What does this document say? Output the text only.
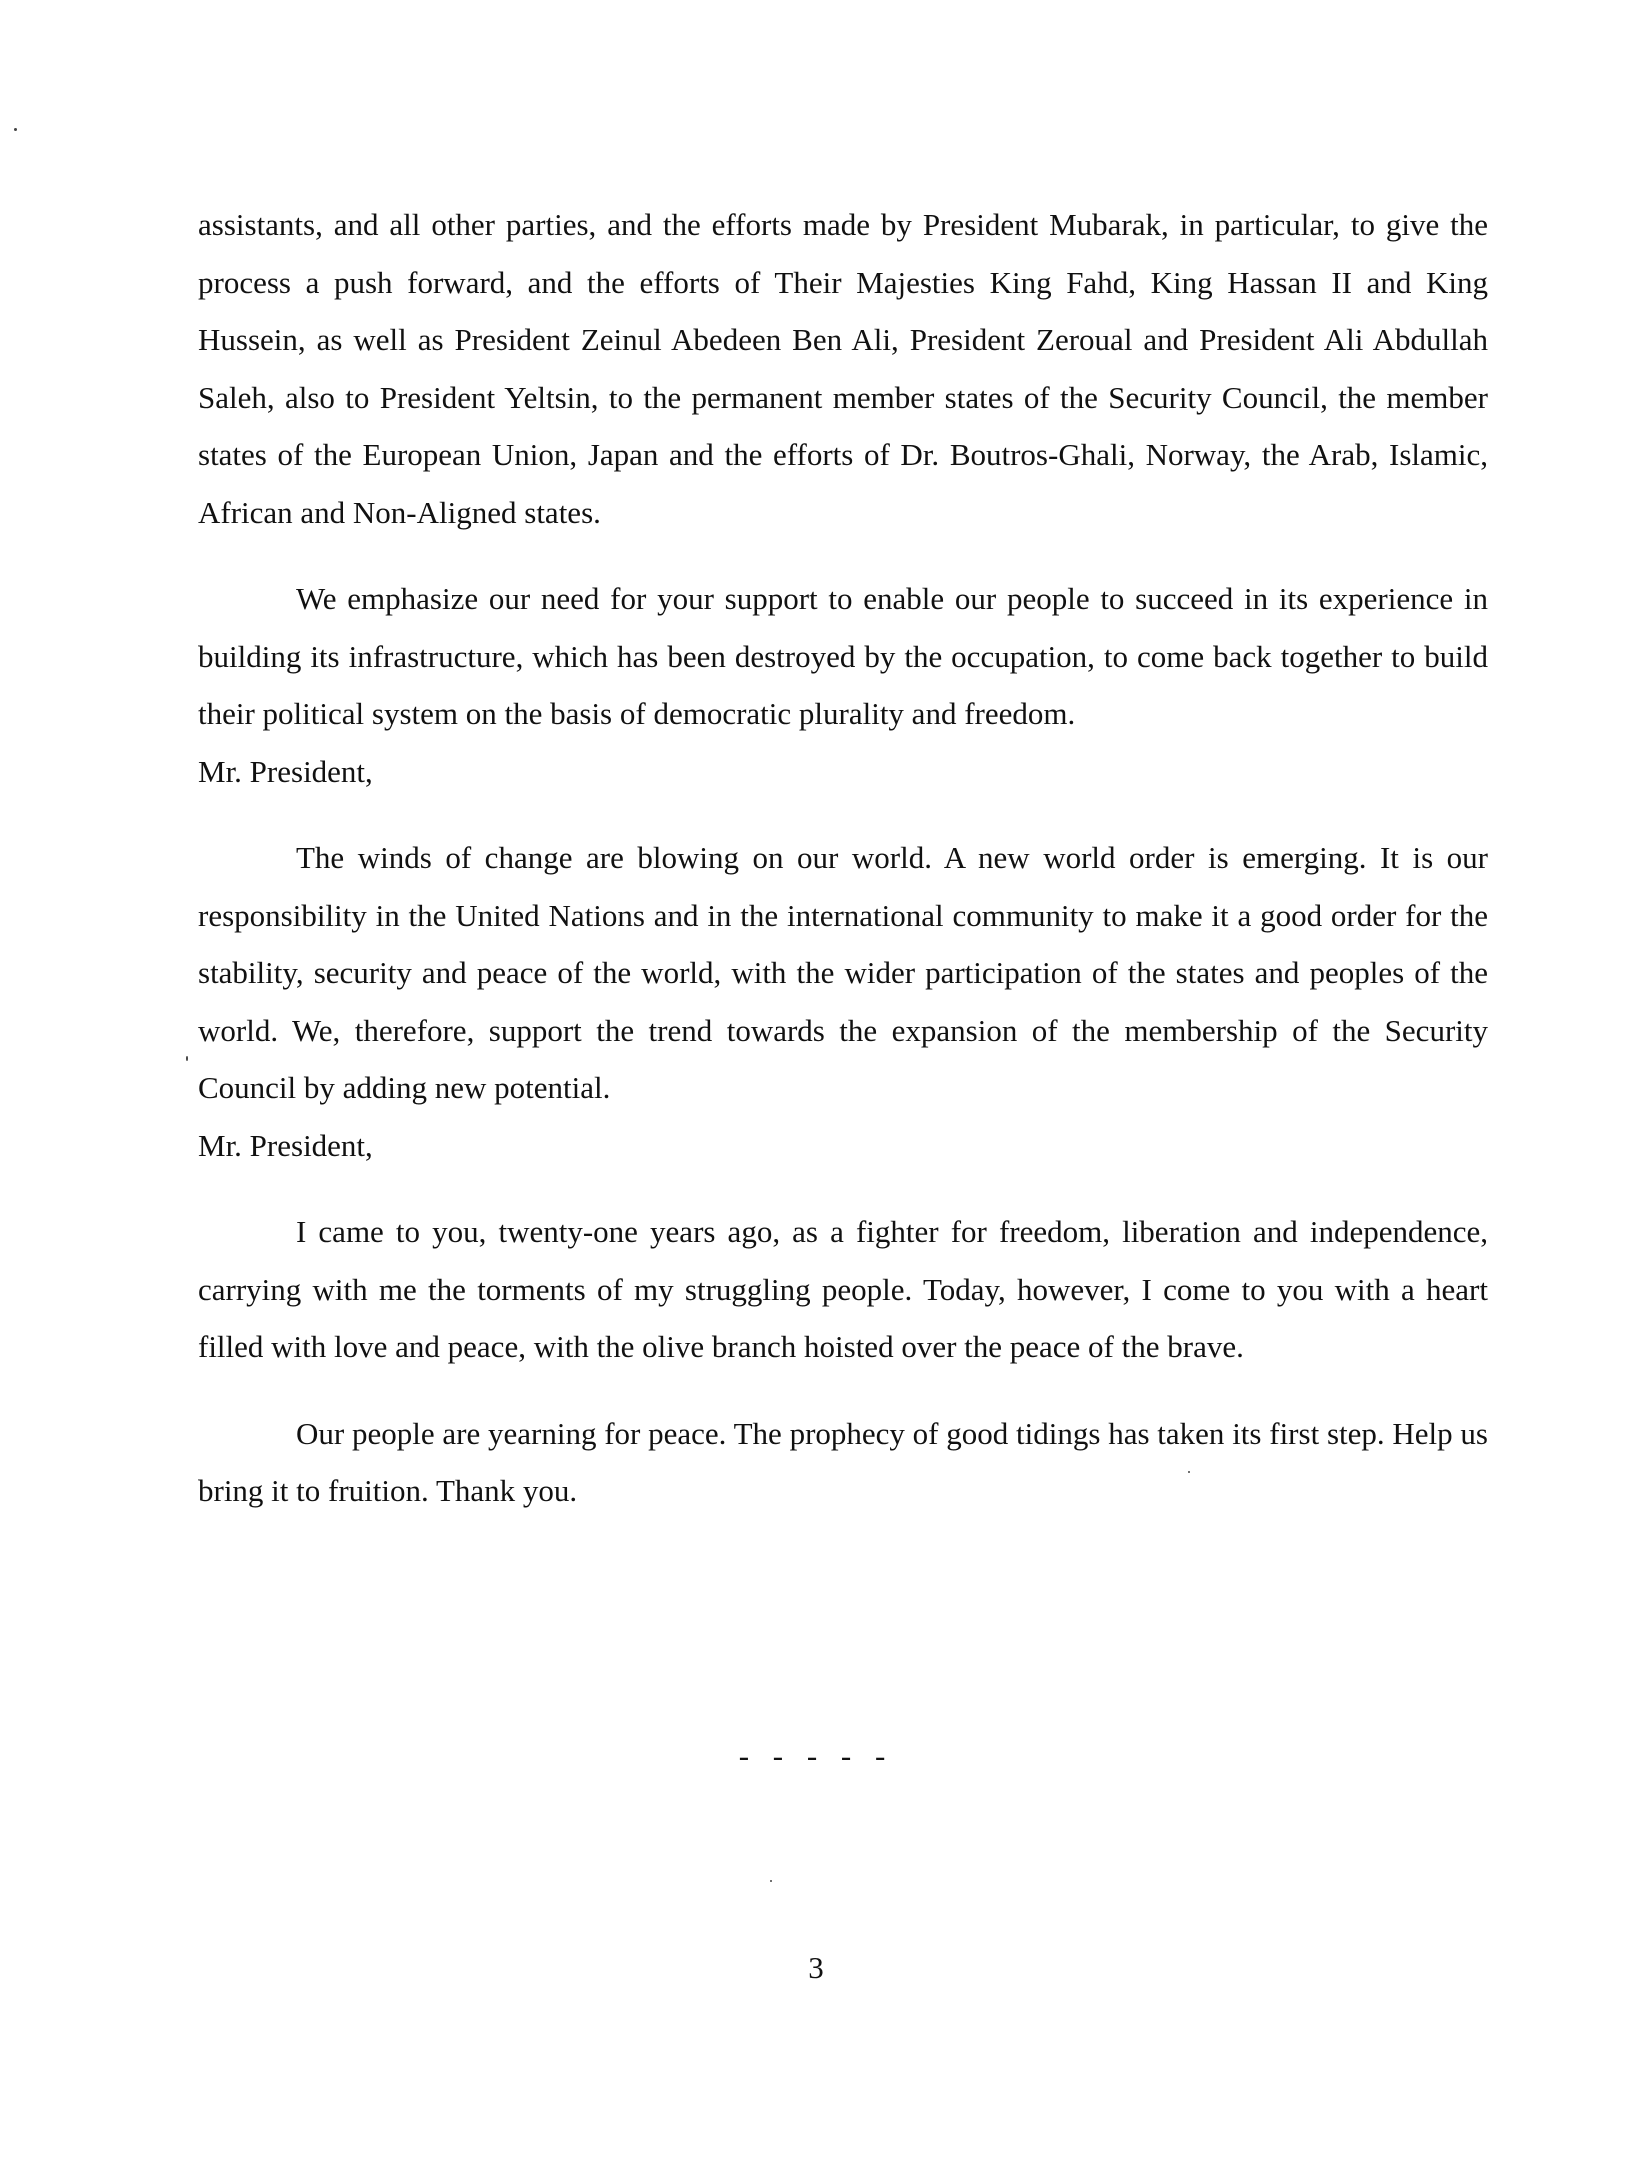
assistants, and all other parties, and the efforts made by President Mubarak, in particular, to give the process a push forward, and the efforts of Their Majesties King Fahd, King Hassan II and King Hussein, as well as President Zeinul Abedeen Ben Ali, President Zeroual and President Ali Abdullah Saleh, also to President Yeltsin, to the permanent member states of the Security Council, the member states of the European Union, Japan and the efforts of Dr. Boutros-Ghali, Norway, the Arab, Islamic, African and Non-Aligned states.

We emphasize our need for your support to enable our people to succeed in its experience in building its infrastructure, which has been destroyed by the occupation, to come back together to build their political system on the basis of democratic plurality and freedom.

Mr. President,

The winds of change are blowing on our world. A new world order is emerging. It is our responsibility in the United Nations and in the international community to make it a good order for the stability, security and peace of the world, with the wider participation of the states and peoples of the world. We, therefore, support the trend towards the expansion of the membership of the Security Council by adding new potential.

Mr. President,

I came to you, twenty-one years ago, as a fighter for freedom, liberation and independence, carrying with me the torments of my struggling people. Today, however, I come to you with a heart filled with love and peace, with the olive branch hoisted over the peace of the brave.

Our people are yearning for peace. The prophecy of good tidings has taken its first step. Help us bring it to fruition. Thank you.

- - - - -
3
